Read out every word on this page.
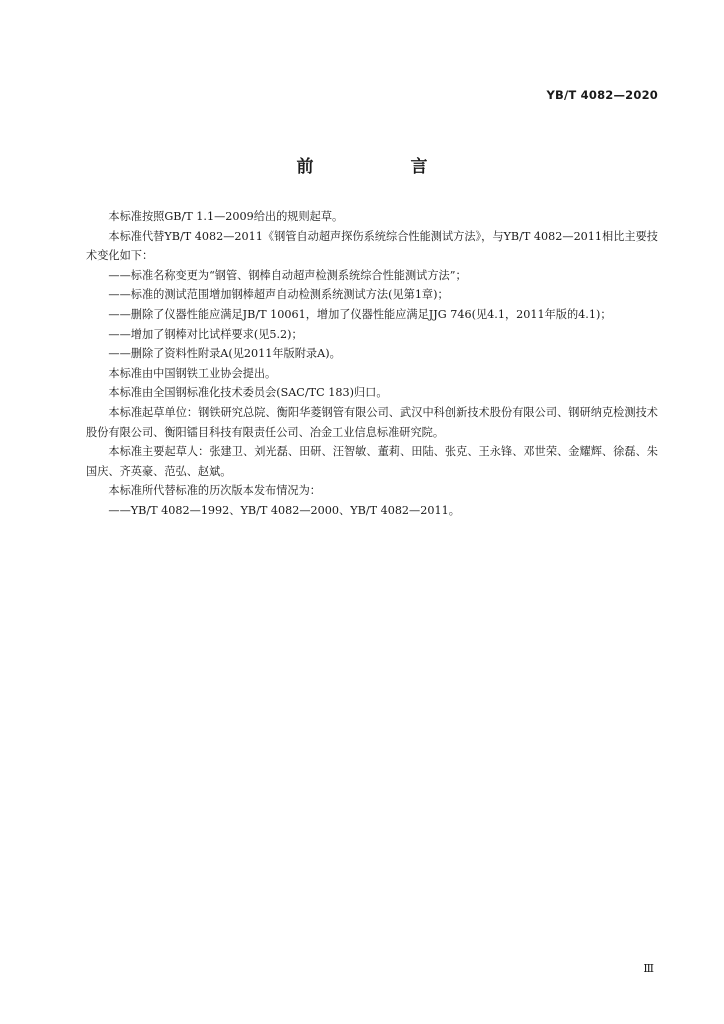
YB/T 4082—2020
前　言

本标准按照GB/T 1.1—2009给出的规则起草。

本标准代替YB/T 4082—2011《钢管自动超声探伤系统综合性能测试方法》，与YB/T 4082—2011相比主要技术变化如下：

——标准名称变更为“钢管、钢棒自动超声检测系统综合性能测试方法”；

——标准的测试范围增加钢棒超声自动检测系统测试方法(见第1章)；

——删除了仪器性能应满足JB/T 10061，增加了仪器性能应满足JJG 746(见4.1，2011年版的4.1)；

——增加了钢棒对比试样要求(见5.2)；

——删除了资料性附录A(见2011年版附录A)。

本标准由中国钢铁工业协会提出。

本标准由全国钢标准化技术委员会(SAC/TC 183)归口。

本标准起草单位：钢铁研究总院、衡阳华菱钢管有限公司、武汉中科创新技术股份有限公司、钢研纳克检测技术股份有限公司、衡阳镭目科技有限责任公司、冶金工业信息标准研究院。

本标准主要起草人：张建卫、刘光磊、田研、汪智敏、董莉、田陆、张克、王永锋、邓世荣、金耀辉、徐磊、朱国庆、齐英豪、范弘、赵斌。

本标准所代替标准的历次版本发布情况为：

——YB/T 4082—1992、YB/T 4082—2000、YB/T 4082—2011。

Ⅲ
